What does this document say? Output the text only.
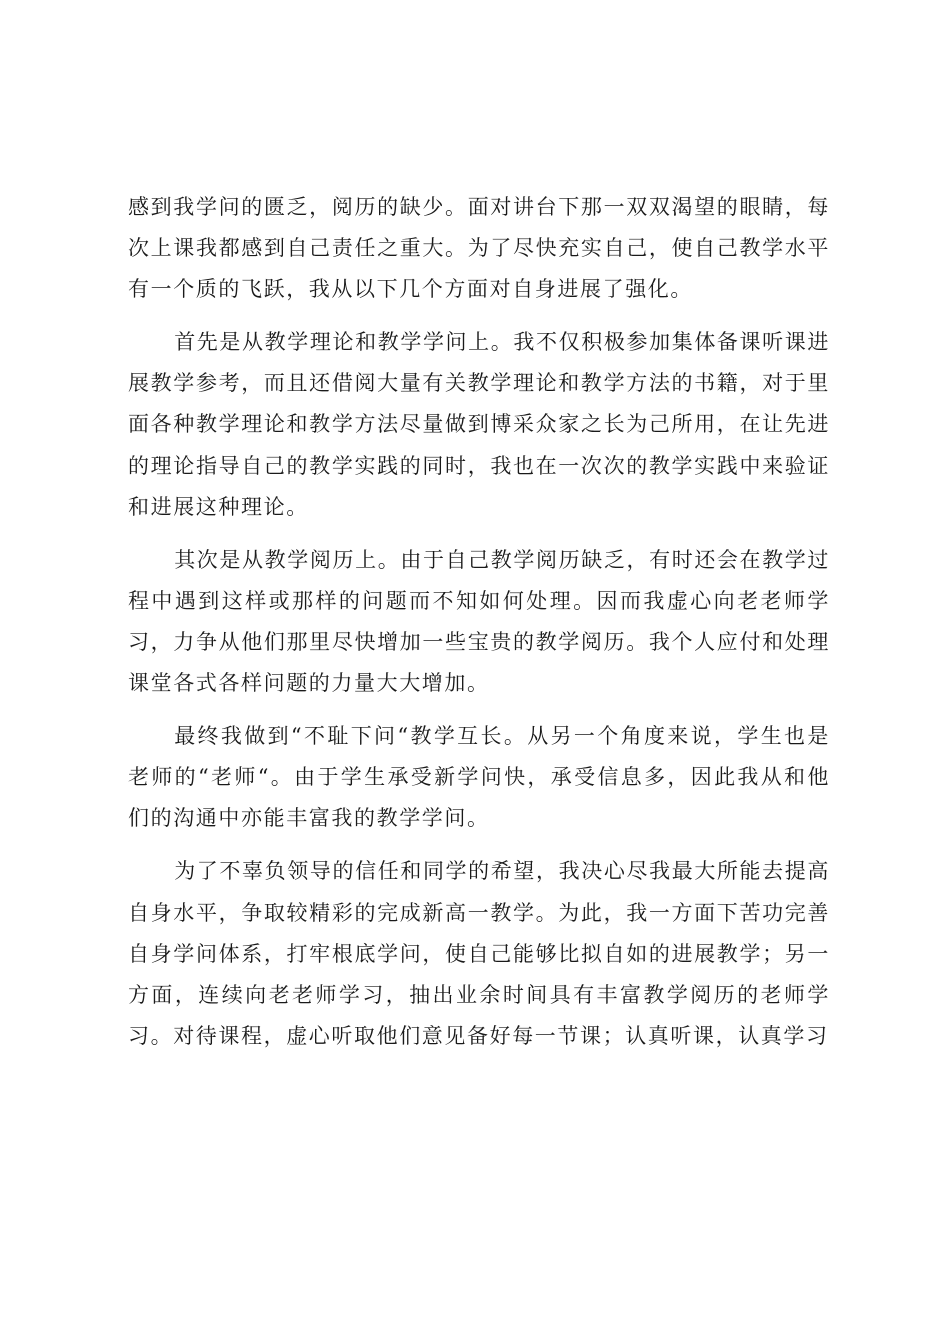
感到我学问的匮乏，阅历的缺少。面对讲台下那一双双渴望的眼睛，每次上课我都感到自己责任之重大。为了尽快充实自己，使自己教学水平有一个质的飞跃，我从以下几个方面对自身进展了强化。

首先是从教学理论和教学学问上。我不仅积极参加集体备课听课进展教学参考，而且还借阅大量有关教学理论和教学方法的书籍，对于里面各种教学理论和教学方法尽量做到博采众家之长为己所用，在让先进的理论指导自己的教学实践的同时，我也在一次次的教学实践中来验证和进展这种理论。

其次是从教学阅历上。由于自己教学阅历缺乏，有时还会在教学过程中遇到这样或那样的问题而不知如何处理。因而我虚心向老老师学习，力争从他们那里尽快增加一些宝贵的教学阅历。我个人应付和处理课堂各式各样问题的力量大大增加。

最终我做到“不耻下问“教学互长。从另一个角度来说，学生也是老师的“老师“。由于学生承受新学问快，承受信息多，因此我从和他们的沟通中亦能丰富我的教学学问。

为了不辜负领导的信任和同学的希望，我决心尽我最大所能去提高自身水平，争取较精彩的完成新高一教学。为此，我一方面下苦功完善自身学问体系，打牢根底学问，使自己能够比拟自如的进展教学；另一方面，连续向老老师学习，抽出业余时间具有丰富教学阅历的老师学习。对待课程，虚心听取他们意见备好每一节课；认真听课，认真学习
